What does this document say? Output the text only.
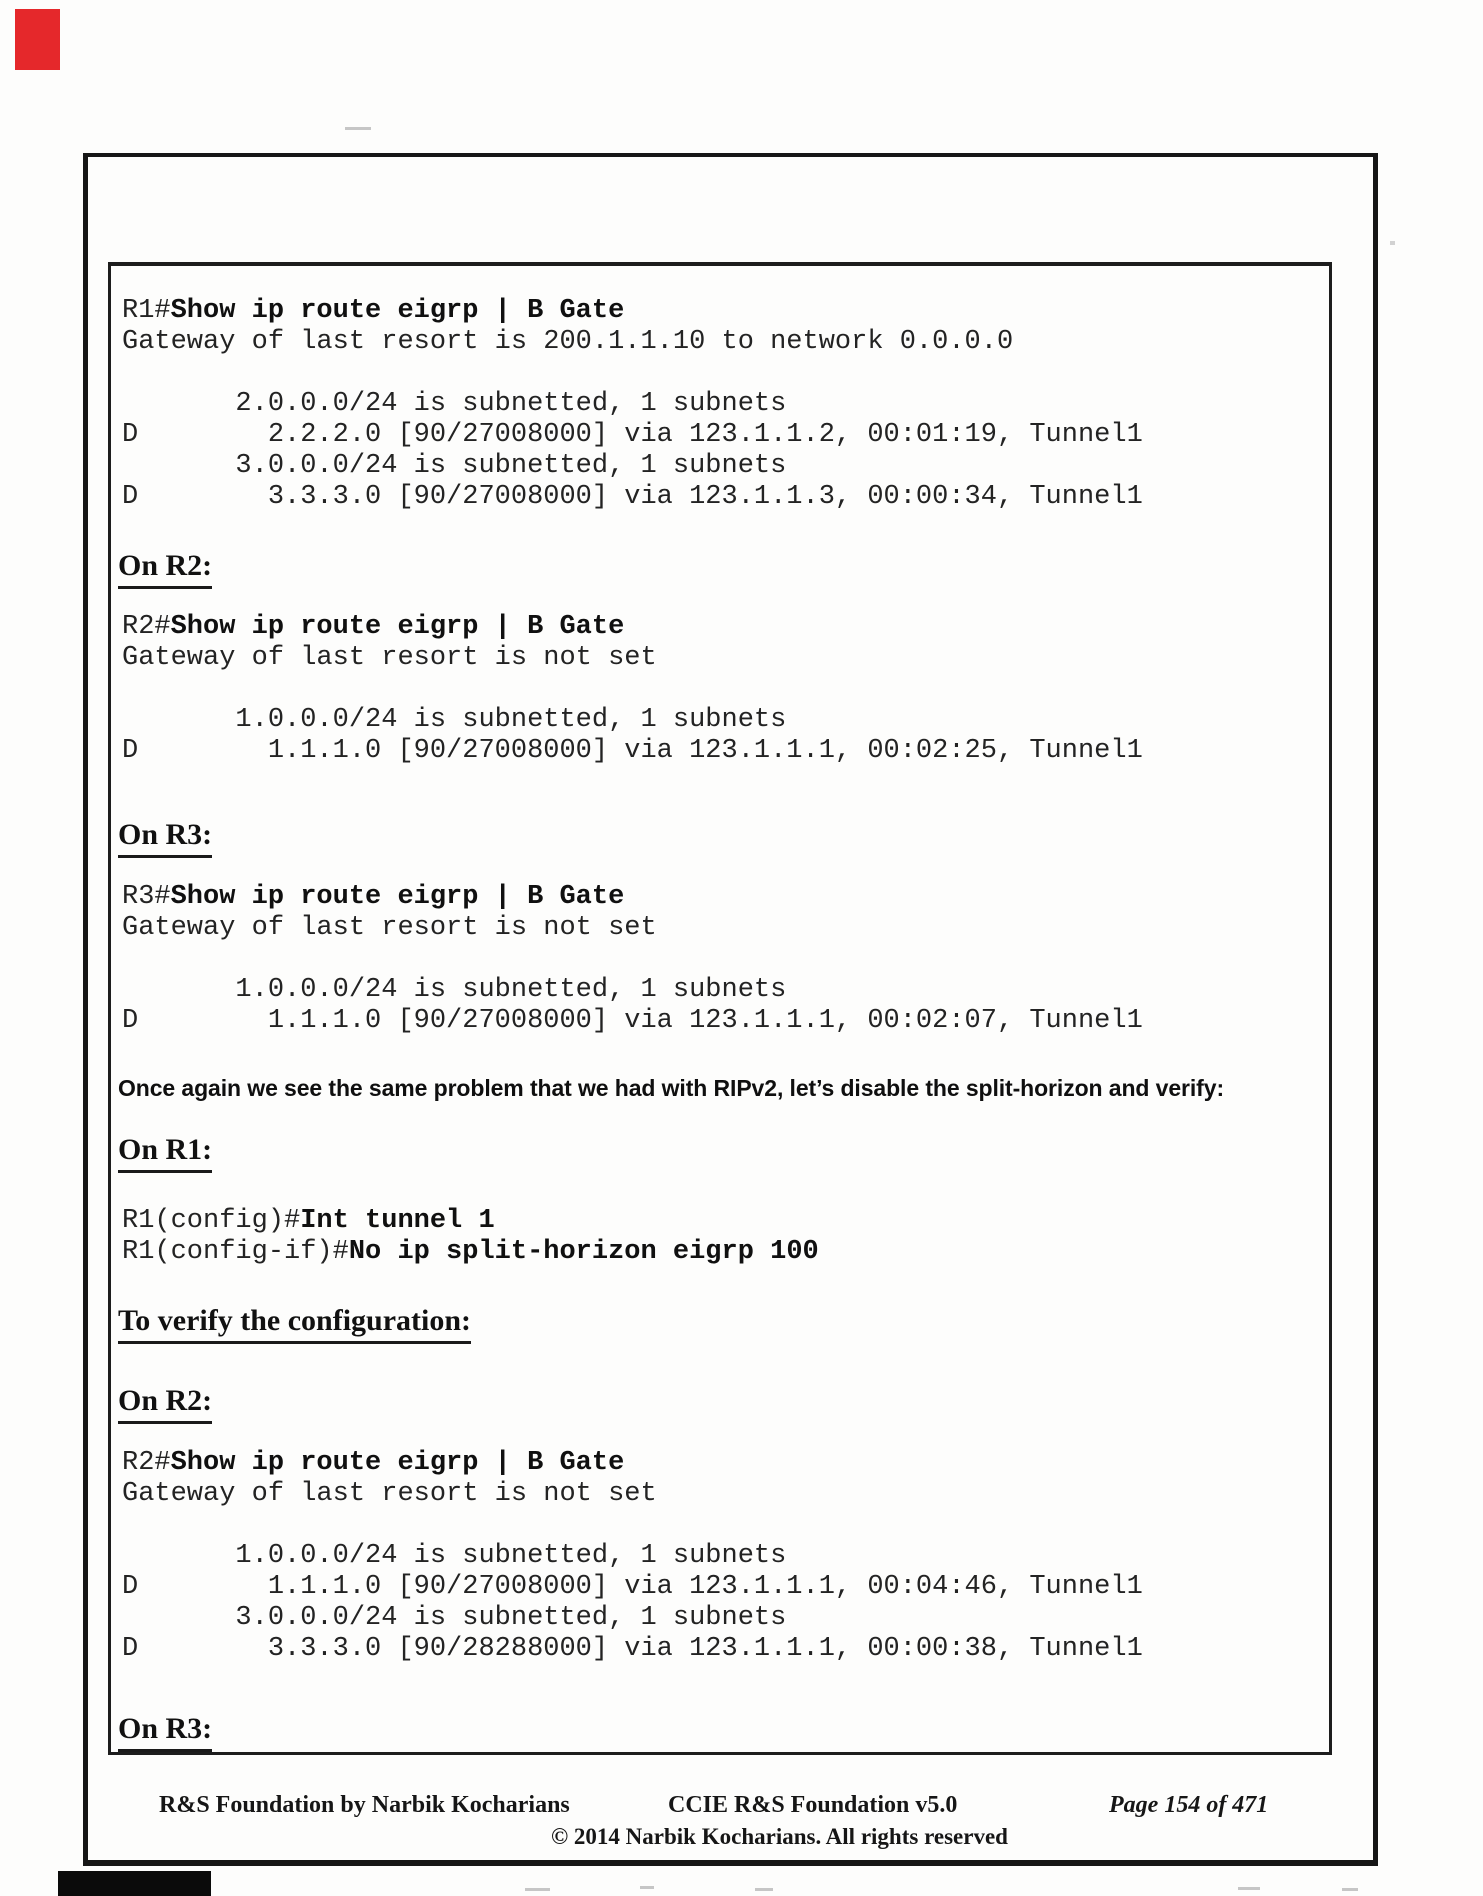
R1#Show ip route eigrp | B Gate
Gateway of last resort is 200.1.1.10 to network 0.0.0.0
2.0.0.0/24 is subnetted, 1 subnets
D        2.2.2.0 [90/27008000] via 123.1.1.2, 00:01:19, Tunnel1
3.0.0.0/24 is subnetted, 1 subnets
D        3.3.3.0 [90/27008000] via 123.1.1.3, 00:00:34, Tunnel1
On R2:
R2#Show ip route eigrp | B Gate
Gateway of last resort is not set
1.0.0.0/24 is subnetted, 1 subnets
D        1.1.1.0 [90/27008000] via 123.1.1.1, 00:02:25, Tunnel1
On R3:
R3#Show ip route eigrp | B Gate
Gateway of last resort is not set
1.0.0.0/24 is subnetted, 1 subnets
D        1.1.1.0 [90/27008000] via 123.1.1.1, 00:02:07, Tunnel1
Once again we see the same problem that we had with RIPv2, let’s disable the split-horizon and verify:
On R1:
R1(config)#Int tunnel 1
R1(config-if)#No ip split-horizon eigrp 100
To verify the configuration:
On R2:
R2#Show ip route eigrp | B Gate
Gateway of last resort is not set
1.0.0.0/24 is subnetted, 1 subnets
D        1.1.1.0 [90/27008000] via 123.1.1.1, 00:04:46, Tunnel1
3.0.0.0/24 is subnetted, 1 subnets
D        3.3.3.0 [90/28288000] via 123.1.1.1, 00:00:38, Tunnel1
On R3:
R&S Foundation by Narbik Kocharians	CCIE R&S Foundation v5.0	Page 154 of 471
© 2014 Narbik Kocharians. All rights reserved
